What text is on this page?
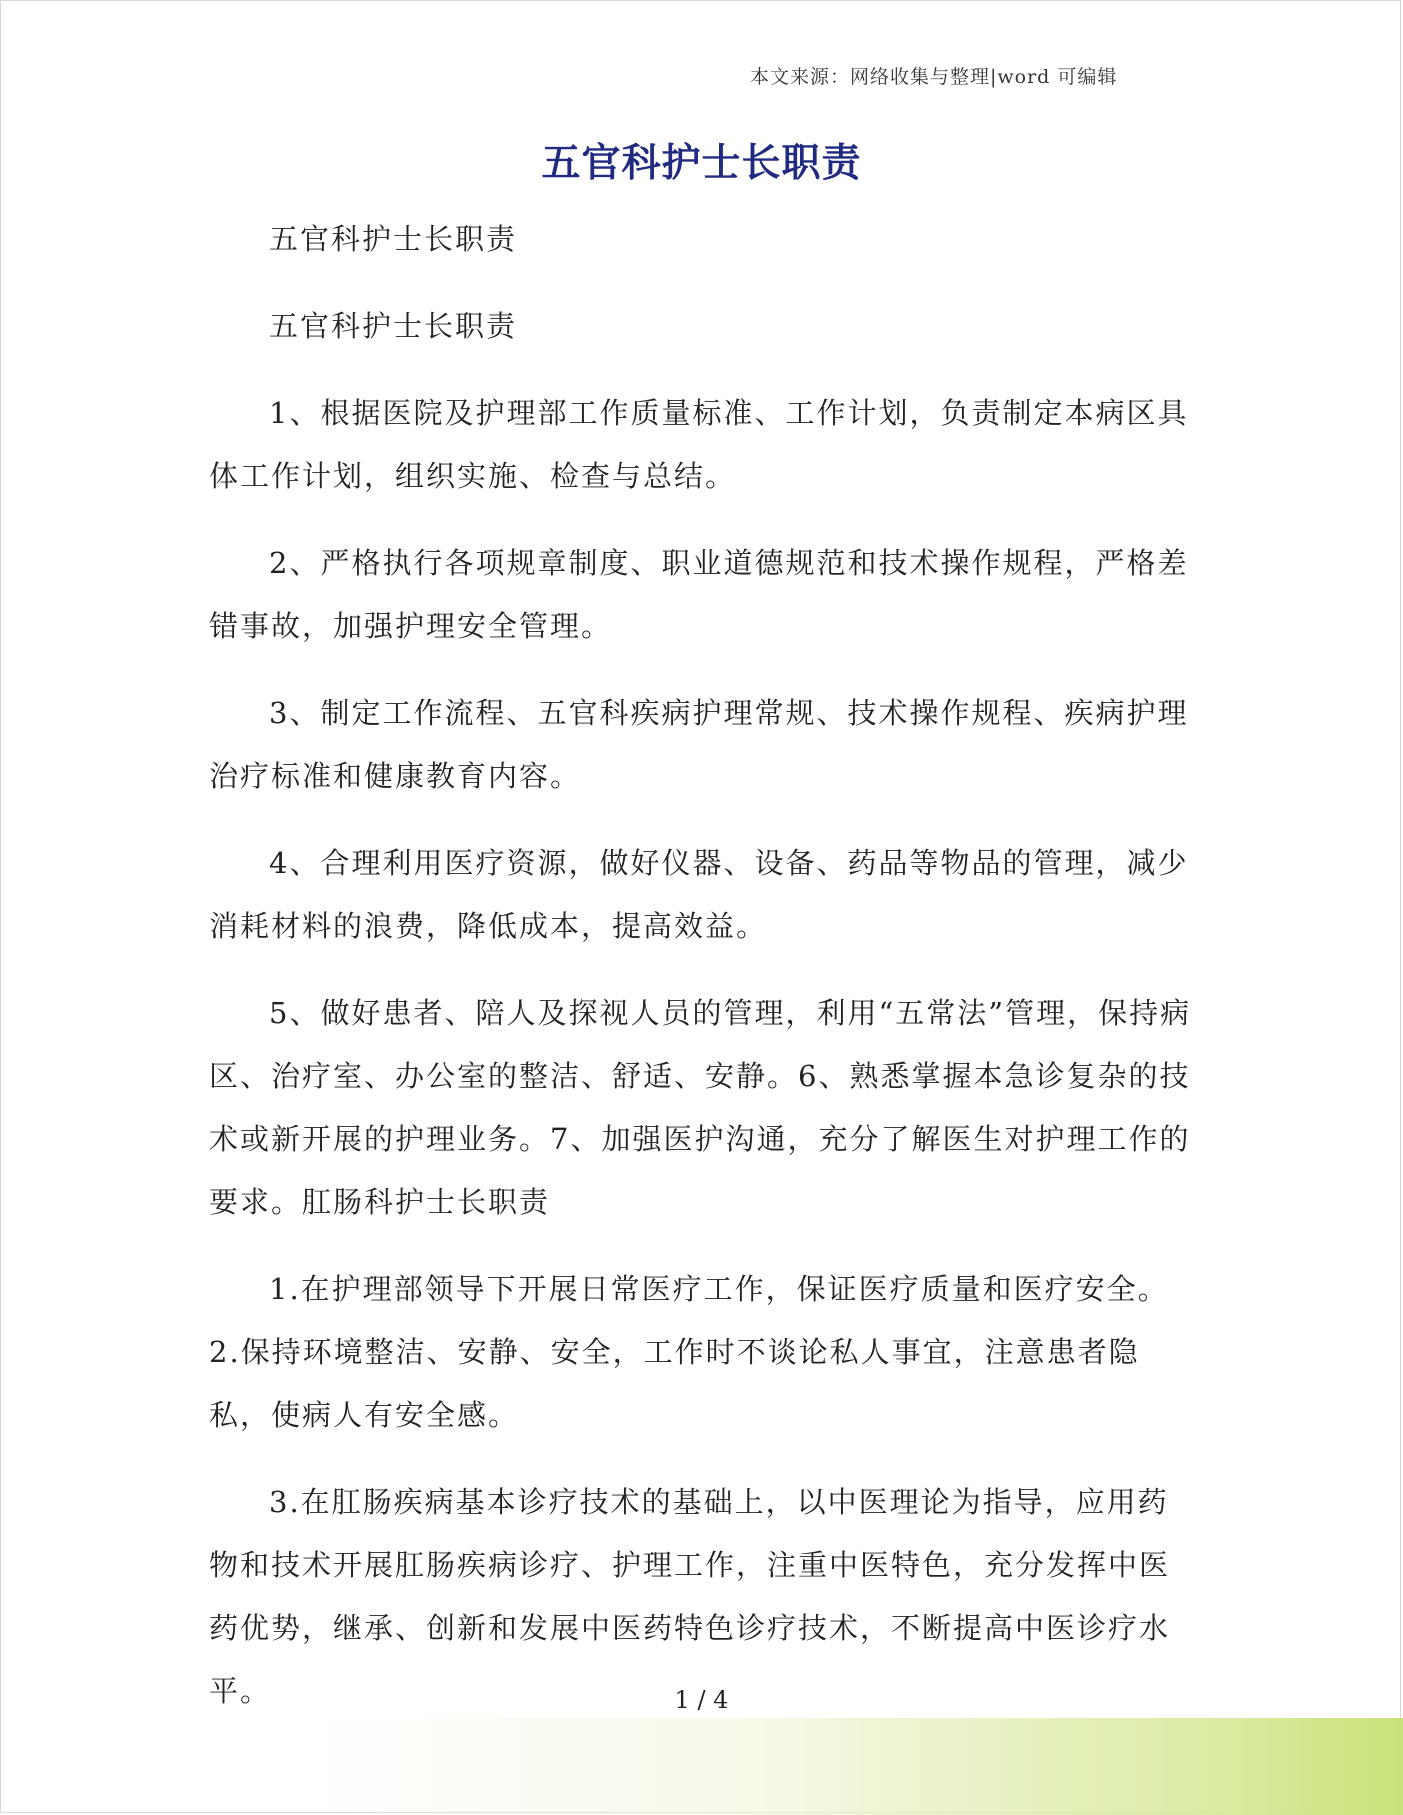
本文来源：网络收集与整理|word 可编辑
五官科护士长职责

五官科护士长职责

五官科护士长职责

1、根据医院及护理部工作质量标准、工作计划，负责制定本病区具体工作计划，组织实施、检查与总结。

2、严格执行各项规章制度、职业道德规范和技术操作规程，严格差错事故，加强护理安全管理。

3、制定工作流程、五官科疾病护理常规、技术操作规程、疾病护理治疗标准和健康教育内容。

4、合理利用医疗资源，做好仪器、设备、药品等物品的管理，减少消耗材料的浪费，降低成本，提高效益。

5、做好患者、陪人及探视人员的管理，利用“五常法”管理，保持病区、治疗室、办公室的整洁、舒适、安静。6、熟悉掌握本急诊复杂的技术或新开展的护理业务。7、加强医护沟通，充分了解医生对护理工作的要求。肛肠科护士长职责

1.在护理部领导下开展日常医疗工作，保证医疗质量和医疗安全。2.保持环境整洁、安静、安全，工作时不谈论私人事宜，注意患者隐私，使病人有安全感。

3.在肛肠疾病基本诊疗技术的基础上，以中医理论为指导，应用药物和技术开展肛肠疾病诊疗、护理工作，注重中医特色，充分发挥中医药优势，继承、创新和发展中医药特色诊疗技术，不断提高中医诊疗水平。	1 / 4
